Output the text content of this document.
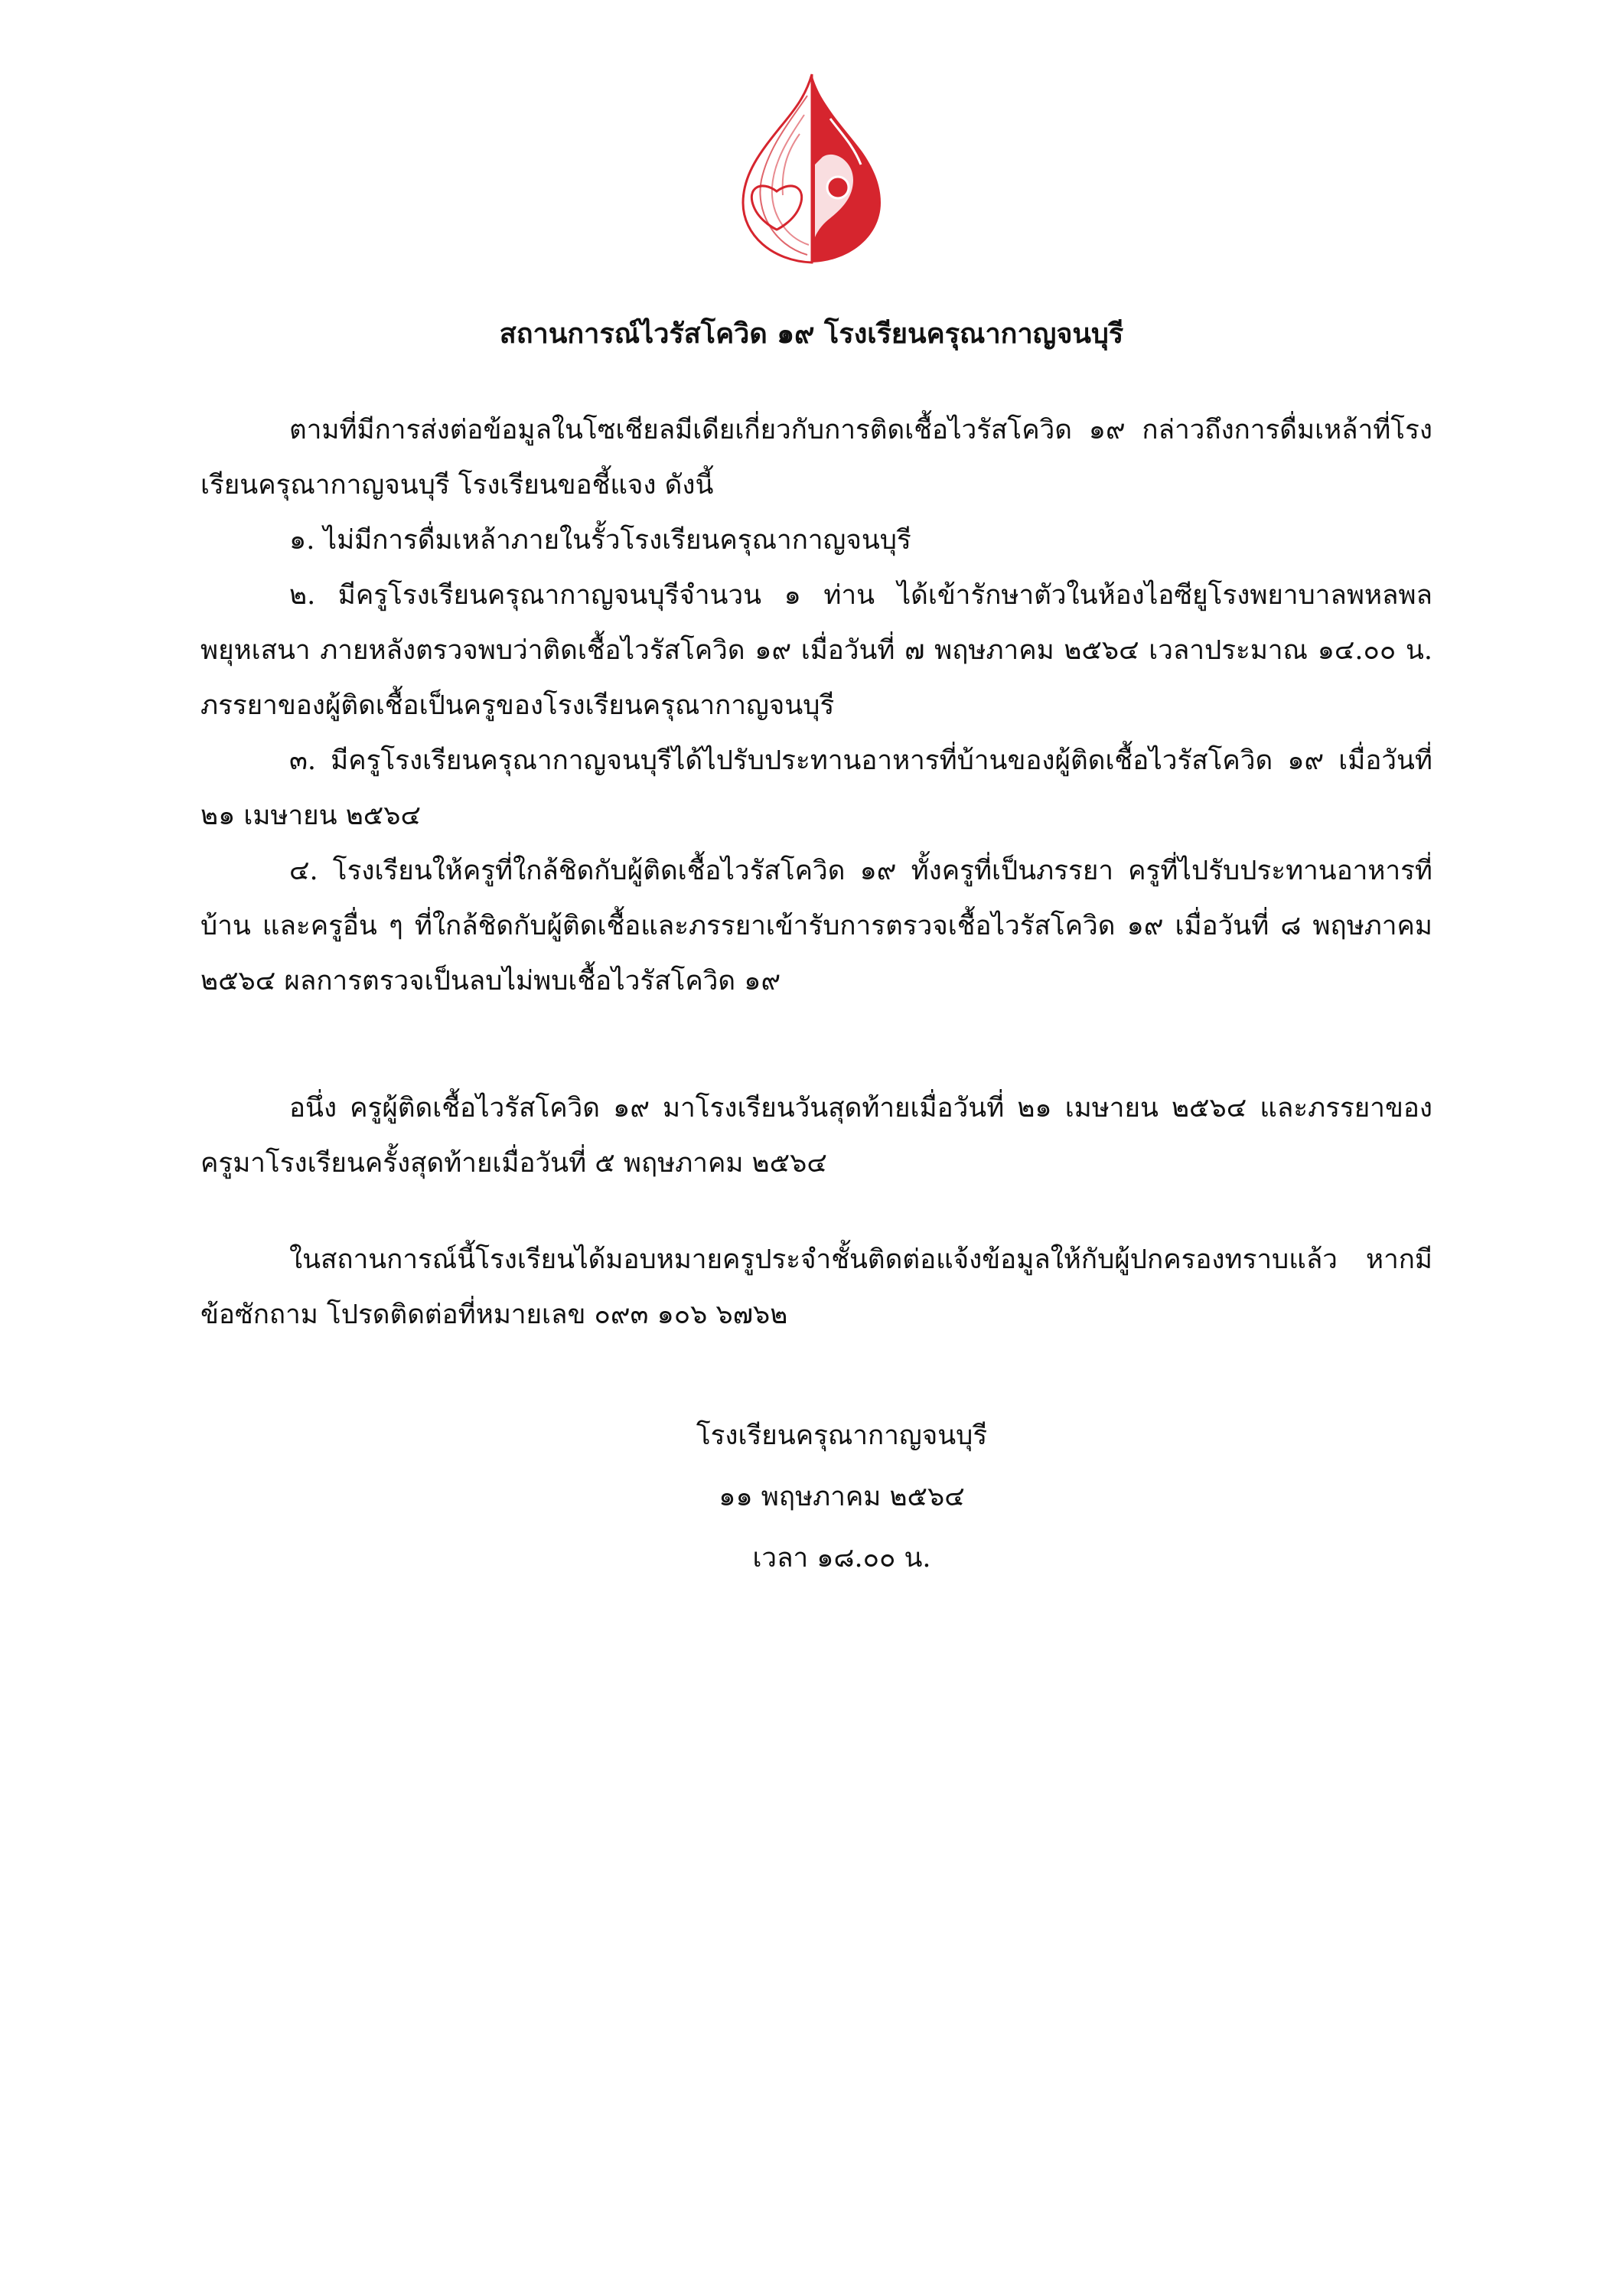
สถานการณ์ไวรัสโควิด ๑๙ โรงเรียนครุณากาญจนบุรี

ตามที่มีการส่งต่อข้อมูลในโซเชียลมีเดียเกี่ยวกับการติดเชื้อไวรัสโควิด ๑๙ กล่าวถึงการดื่มเหล้าที่โรงเรียนครุณากาญจนบุรี โรงเรียนขอชี้แจง ดังนี้

๑. ไม่มีการดื่มเหล้าภายในรั้วโรงเรียนครุณากาญจนบุรี

๒. มีครูโรงเรียนครุณากาญจนบุรีจำนวน ๑ ท่าน ได้เข้ารักษาตัวในห้องไอซียูโรงพยาบาลพหลพลพยุหเสนา ภายหลังตรวจพบว่าติดเชื้อไวรัสโควิด ๑๙ เมื่อวันที่ ๗ พฤษภาคม ๒๕๖๔ เวลาประมาณ ๑๔.๐๐ น. ภรรยาของผู้ติดเชื้อเป็นครูของโรงเรียนครุณากาญจนบุรี

๓. มีครูโรงเรียนครุณากาญจนบุรีได้ไปรับประทานอาหารที่บ้านของผู้ติดเชื้อไวรัสโควิด ๑๙ เมื่อวันที่ ๒๑ เมษายน ๒๕๖๔

๔. โรงเรียนให้ครูที่ใกล้ชิดกับผู้ติดเชื้อไวรัสโควิด ๑๙ ทั้งครูที่เป็นภรรยา ครูที่ไปรับประทานอาหารที่บ้าน และครูอื่น ๆ ที่ใกล้ชิดกับผู้ติดเชื้อและภรรยาเข้ารับการตรวจเชื้อไวรัสโควิด ๑๙ เมื่อวันที่ ๘ พฤษภาคม ๒๕๖๔ ผลการตรวจเป็นลบไม่พบเชื้อไวรัสโควิด ๑๙

อนึ่ง ครูผู้ติดเชื้อไวรัสโควิด ๑๙ มาโรงเรียนวันสุดท้ายเมื่อวันที่ ๒๑ เมษายน ๒๕๖๔ และภรรยาของครูมาโรงเรียนครั้งสุดท้ายเมื่อวันที่ ๕ พฤษภาคม ๒๕๖๔

ในสถานการณ์นี้โรงเรียนได้มอบหมายครูประจำชั้นติดต่อแจ้งข้อมูลให้กับผู้ปกครองทราบแล้ว หากมีข้อซักถาม โปรดติดต่อที่หมายเลข ๐๙๓ ๑๐๖ ๖๗๖๒

โรงเรียนครุณากาญจนบุรี
๑๑ พฤษภาคม ๒๕๖๔
เวลา ๑๘.๐๐ น.
